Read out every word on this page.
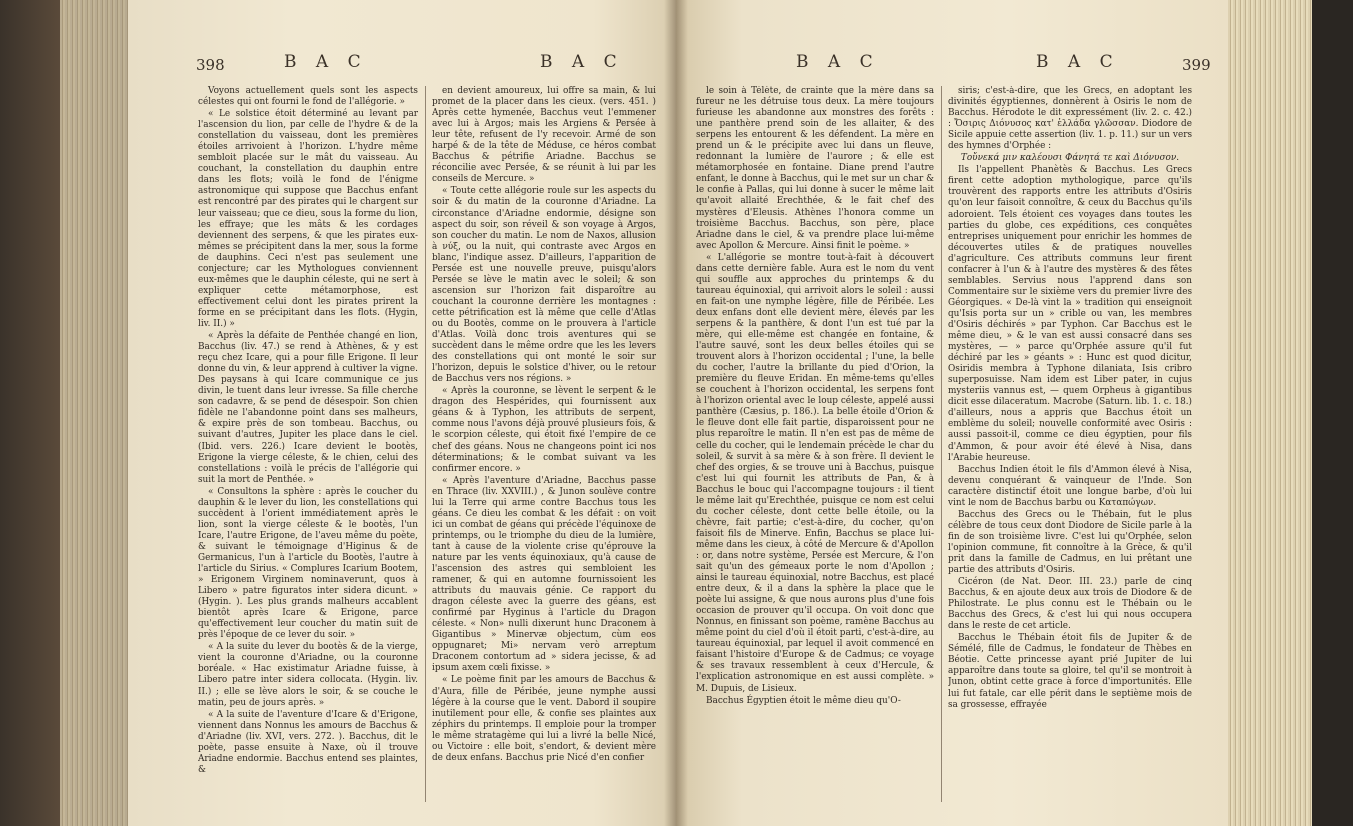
398	B A C	B A C

Voyons actuellement quels sont les aspects célestes qui ont fourni le fond de l'allégorie. »

« Le solstice étoit déterminé au levant par l'ascension du lion, par celle de l'hydre & de la constellation du vaisseau, dont les premières étoiles arrivoient à l'horizon. L'hydre même sembloit placée sur le mât du vaisseau. Au couchant, la constellation du dauphin entre dans les flots; voilà le fond de l'énigme astronomique qui suppose que Bacchus enfant est rencontré par des pirates qui le chargent sur leur vaisseau; que ce dieu, sous la forme du lion, les effraye; que les mâts & les cordages deviennent des serpens, & que les pirates eux-mêmes se précipitent dans la mer, sous la forme de dauphins. Ceci n'est pas seulement une conjecture; car les Mythologues conviennent eux-mêmes que le dauphin céleste, qui ne sert à expliquer cette métamorphose, est effectivement celui dont les pirates prirent la forme en se précipitant dans les flots. (Hygin, liv. II.) »

« Après la défaite de Penthée changé en lion, Bacchus (liv. 47.) se rend à Athènes, & y est reçu chez Icare, qui a pour fille Erigone. Il leur donne du vin, & leur apprend à cultiver la vigne. Des paysans à qui Icare communique ce jus divin, le tuent dans leur ivresse. Sa fille cherche son cadavre, & se pend de désespoir. Son chien fidèle ne l'abandonne point dans ses malheurs, & expire près de son tombeau. Bacchus, ou suivant d'autres, Jupiter les place dans le ciel. (Ibid. vers. 226.) Icare devient le bootès, Erigone la vierge céleste, & le chien, celui des constellations : voilà le précis de l'allégorie qui suit la mort de Penthée. »

« Consultons la sphère : après le coucher du dauphin & le lever du lion, les constellations qui succèdent à l'orient immédiatement après le lion, sont la vierge céleste & le bootès, l'un Icare, l'autre Erigone, de l'aveu même du poète, & suivant le témoignage d'Higinus & de Germanicus, l'un à l'article du Bootès, l'autre à l'article du Sirius. « Complures Icarium Bootem, » Erigonem Virginem nominaverunt, quos à Libero » patre figuratos inter sidera dicunt. » (Hygin. ). Les plus grands malheurs accablent bientôt après Icare & Erigone, parce qu'effectivement leur coucher du matin suit de près l'époque de ce lever du soir. »

« A la suite du lever du bootès & de la vierge, vient la couronne d'Ariadne, ou la couronne boréale. « Hac existimatur Ariadne fuisse, à Libero patre inter sidera collocata. (Hygin. liv. II.) ; elle se lève alors le soir, & se couche le matin, peu de jours après. »

« A la suite de l'aventure d'Icare & d'Erigone, viennent dans Nonnus les amours de Bacchus & d'Ariadne (liv. XVI, vers. 272. ). Bacchus, dit le poète, passe ensuite à Naxe, où il trouve Ariadne endormie. Bacchus entend ses plaintes, &

en devient amoureux, lui offre sa main, & lui promet de la placer dans les cieux. (vers. 451. ) Après cette hymenée, Bacchus veut l'emmener avec lui à Argos; mais les Argiens & Persée à leur tête, refusent de l'y recevoir. Armé de son harpé & de la tête de Méduse, ce héros combat Bacchus & pétrifie Ariadne. Bacchus se réconcilie avec Persée, & se réunit à lui par les conseils de Mercure. »

« Toute cette allégorie roule sur les aspects du soir & du matin de la couronne d'Ariadne. La circonstance d'Ariadne endormie, désigne son aspect du soir, son réveil & son voyage à Argos, son coucher du matin. Le nom de Naxos, allusion à νύξ, ou la nuit, qui contraste avec Argos en blanc, l'indique assez. D'ailleurs, l'apparition de Persée est une nouvelle preuve, puisqu'alors Persée se lève le matin avec le soleil; & son ascension sur l'horizon fait disparoître au couchant la couronne derrière les montagnes : cette pétrification est là même que celle d'Atlas ou du Bootès, comme on le prouvera à l'article d'Atlas. Voilà donc trois aventures qui se succèdent dans le même ordre que les les levers des constellations qui ont monté le soir sur l'horizon, depuis le solstice d'hiver, ou le retour de Bacchus vers nos régions. »

« Après la couronne, se lèvent le serpent & le dragon des Hespérides, qui fournissent aux géans & à Typhon, les attributs de serpent, comme nous l'avons déjà prouvé plusieurs fois, & le scorpion céleste, qui étoit fixé l'empire de ce chef des géans. Nous ne changeons point ici nos déterminations; & le combat suivant va les confirmer encore. »

« Après l'aventure d'Ariadne, Bacchus passe en Thrace (liv. XXVIII.) , & Junon soulève contre lui la Terre qui arme contre Bacchus tous les géans. Ce dieu les combat & les défait : on voit ici un combat de géans qui précède l'équinoxe de printemps, ou le triomphe du dieu de la lumière, tant à cause de la violente crise qu'éprouve la nature par les vents équinoxiaux, qu'à cause de l'ascension des astres qui sembloient les ramener, & qui en automne fournissoient les attributs du mauvais génie. Ce rapport du dragon céleste avec la guerre des géans, est confirmé par Hyginus à l'article du Dragon céleste. « Non» nulli dixerunt hunc Draconem à Gigantibus » Minervæ objectum, cùm eos oppugnaret; Mi» nervam verò arreptum Draconem contortum ad » sidera jecisse, & ad ipsum axem cœli fixisse. »

« Le poème finit par les amours de Bacchus & d'Aura, fille de Péribée, jeune nymphe aussi légère à la course que le vent. Dabord il soupire inutilement pour elle, & confie ses plaintes aux zéphirs du printemps. Il emploie pour la tromper le même stratagème qui lui a livré la belle Nicé, ou Victoire : elle boit, s'endort, & devient mère de deux enfans. Bacchus prie Nicé d'en confier

B A C	B A C	399

le soin à Télète, de crainte que la mère dans sa fureur ne les détruise tous deux. La mère toujours furieuse les abandonne aux monstres des forêts : une panthère prend soin de les allaiter, & des serpens les entourent & les défendent. La mère en prend un & le précipite avec lui dans un fleuve, redonnant la lumière de l'aurore ; & elle est métamorphosée en fontaine. Diane prend l'autre enfant, le donne à Bacchus, qui le met sur un char & le confie à Pallas, qui lui donne à sucer le même lait qu'avoit allaité Erechthée, & le fait chef des mystères d'Eleusis. Athènes l'honora comme un troisième Bacchus. Bacchus, son père, place Ariadne dans le ciel, & va prendre place lui-même avec Apollon & Mercure. Ainsi finit le poème. »

« L'allégorie se montre tout-à-fait à découvert dans cette dernière fable. Aura est le nom du vent qui souffle aux approches du printemps & du taureau équinoxial, qui arrivoit alors le soleil : aussi en fait-on une nymphe légère, fille de Péribée. Les deux enfans dont elle devient mère, élevés par les serpens & la panthère, & dont l'un est tué par la mère, qui elle-même est changée en fontaine, & l'autre sauvé, sont les deux belles étoiles qui se trouvent alors à l'horizon occidental ; l'une, la belle du cocher, l'autre la brillante du pied d'Orion, la première du fleuve Eridan. En même-tems qu'elles se couchent à l'horizon occidental, les serpens font à l'horizon oriental avec le loup céleste, appelé aussi panthère (Cæsius, p. 186.). La belle étoile d'Orion & le fleuve dont elle fait partie, disparoissent pour ne plus reparoître le matin. Il n'en est pas de même de celle du cocher, qui le lendemain précède le char du soleil, & survit à sa mère & à son frère. Il devient le chef des orgies, & se trouve uni à Bacchus, puisque c'est lui qui fournit les attributs de Pan, & à Bacchus le bouc qui l'accompagne toujours : il tient le même lait qu'Erechthée, puisque ce nom est celui du cocher céleste, dont cette belle étoile, ou la chèvre, fait partie; c'est-à-dire, du cocher, qu'on faisoit fils de Minerve. Enfin, Bacchus se place lui-même dans les cieux, à côté de Mercure & d'Apollon : or, dans notre système, Persée est Mercure, & l'on sait qu'un des gémeaux porte le nom d'Apollon ; ainsi le taureau équinoxial, notre Bacchus, est placé entre deux, & il a dans la sphère la place que le poète lui assigne, & que nous aurons plus d'une fois occasion de prouver qu'il occupa. On voit donc que Nonnus, en finissant son poème, ramène Bacchus au même point du ciel d'où il étoit parti, c'est-à-dire, au taureau équinoxial, par lequel il avoit commencé en faisant l'histoire d'Europe & de Cadmus; ce voyage & ses travaux ressemblent à ceux d'Hercule, & l'explication astronomique en est aussi complète. » M. Dupuis, de Lisieux.

Bacchus Égyptien étoit le même dieu qu'O-

siris; c'est-à-dire, que les Grecs, en adoptant les divinités égyptiennes, donnèrent à Osiris le nom de Bacchus. Hérodote le dit expressément (liv. 2. c. 42.) : Ὄσιρις Διόνυσος κατ' ἑλλάδα γλῶσσαν. Diodore de Sicile appuie cette assertion (liv. 1. p. 11.) sur un vers des hymnes d'Orphée :

Τοὔνεκά μιν καλέουσι Φάνητά τε καὶ Διόνυσον.

Ils l'appellent Phanètès & Bacchus. Les Grecs firent cette adoption mythologique, parce qu'ils trouvèrent des rapports entre les attributs d'Osiris qu'on leur faisoit connoître, & ceux du Bacchus qu'ils adoroient. Tels étoient ces voyages dans toutes les parties du globe, ces expéditions, ces conquêtes entreprises uniquement pour enrichir les hommes de découvertes utiles & de pratiques nouvelles d'agriculture. Ces attributs communs leur firent confacrer à l'un & à l'autre des mystères & des fêtes semblables. Servius nous l'apprend dans son Commentaire sur le sixième vers du premier livre des Géorgiques. « De-là vint la » tradition qui enseignoit qu'Isis porta sur un » crible ou van, les membres d'Osiris déchirés » par Typhon. Car Bacchus est le même dieu, » & le van est aussi consacré dans ses mystères, — » parce qu'Orphée assure qu'il fut déchiré par les » géants » : Hunc est quod dicitur, Osiridis membra à Typhone dilaniata, Isis cribro superposuisse. Nam idem est Liber pater, in cujus mysteriis vannus est, — quem Orpheus à gigantibus dicit esse dilaceratum. Macrobe (Saturn. lib. 1. c. 18.) d'ailleurs, nous a appris que Bacchus étoit un emblème du soleil; nouvelle conformité avec Osiris : aussi passoit-il, comme ce dieu égyptien, pour fils d'Ammon, & pour avoir été élevé à Nisa, dans l'Arabie heureuse.

Bacchus Indien étoit le fils d'Ammon élevé à Nisa, devenu conquérant & vainqueur de l'Inde. Son caractère distinctif étoit une longue barbe, d'où lui vint le nom de Bacchus barbu ou Καταπώγων.

Bacchus des Grecs ou le Thébain, fut le plus célèbre de tous ceux dont Diodore de Sicile parle à la fin de son troisième livre. C'est lui qu'Orphée, selon l'opinion commune, fit connoître à la Grèce, & qu'il prit dans la famille de Cadmus, en lui prêtant une partie des attributs d'Osiris.

Cicéron (de Nat. Deor. III. 23.) parle de cinq Bacchus, & en ajoute deux aux trois de Diodore & de Philostrate. Le plus connu est le Thébain ou le Bacchus des Grecs, & c'est lui qui nous occupera dans le reste de cet article.

Bacchus le Thébain étoit fils de Jupiter & de Sémélé, fille de Cadmus, le fondateur de Thèbes en Béotie. Cette princesse ayant prié Jupiter de lui apparoître dans toute sa gloire, tel qu'il se montroit à Junon, obtint cette grace à force d'importunités. Elle lui fut fatale, car elle périt dans le septième mois de sa grossesse, effrayée
